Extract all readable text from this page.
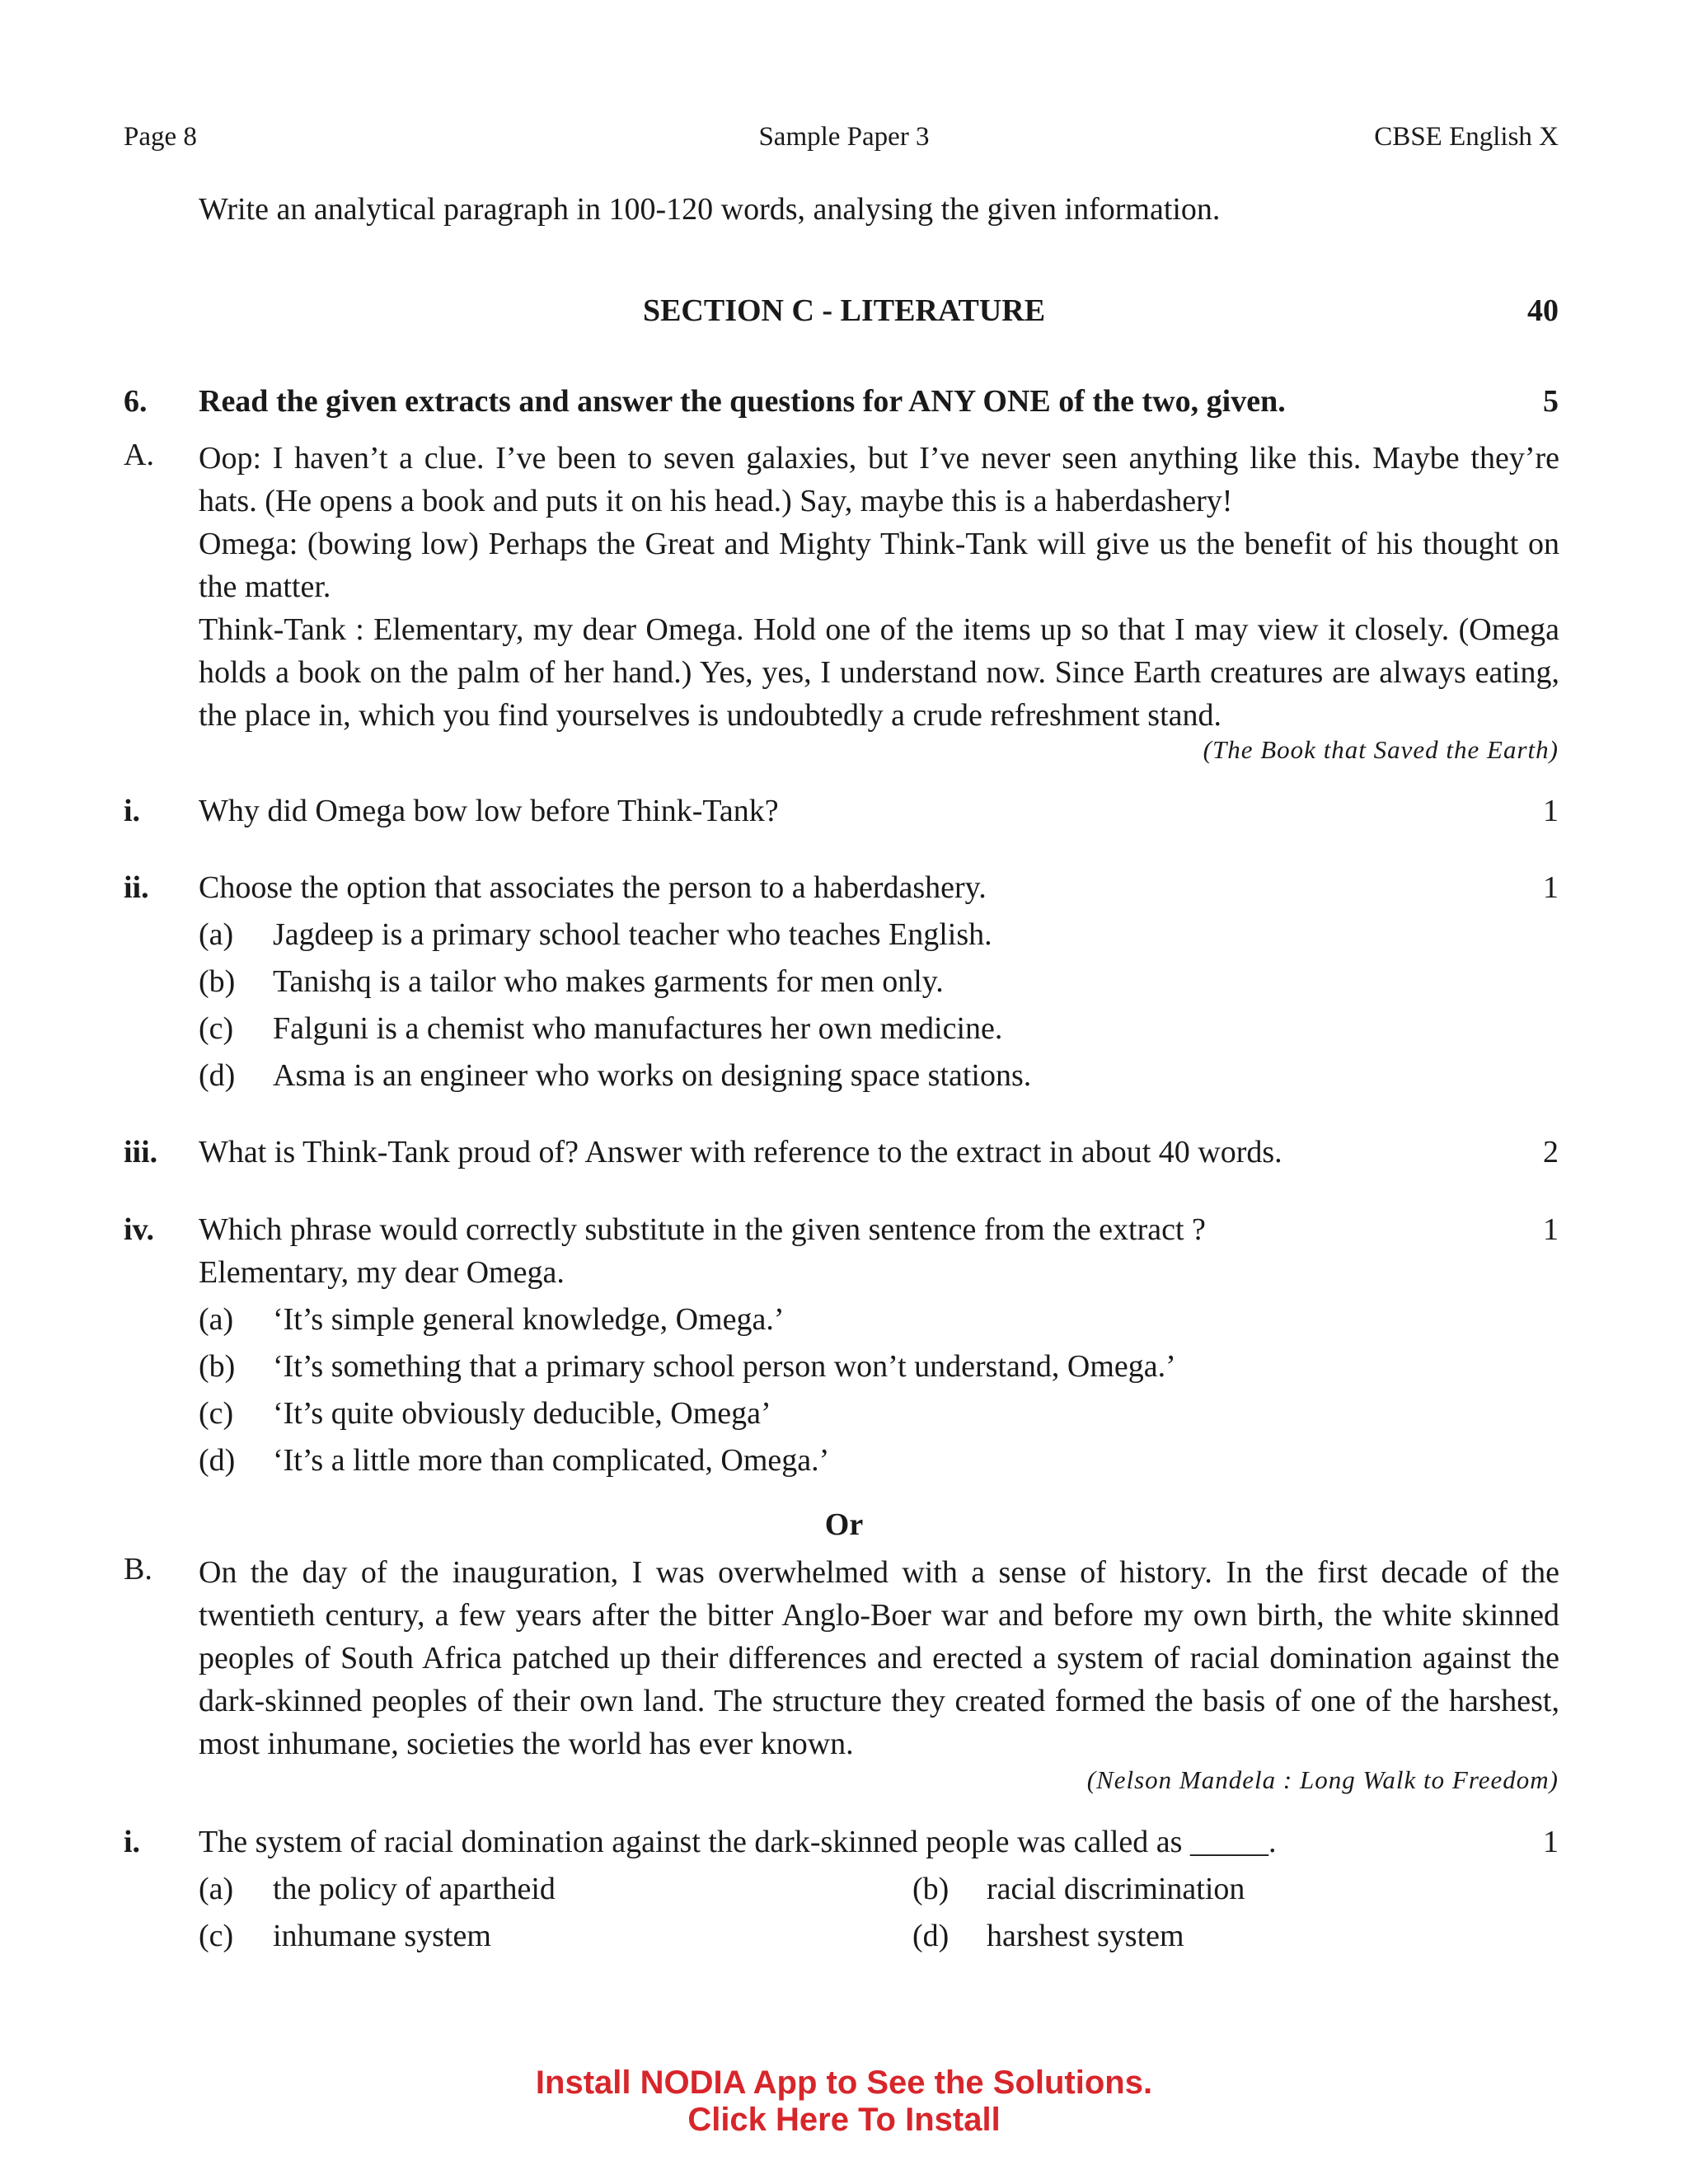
Page 8	Sample Paper 3	CBSE English X
Write an analytical paragraph in 100-120 words, analysing the given information.
SECTION C - LITERATURE	40
6. Read the given extracts and answer the questions for ANY ONE of the two, given.	5
A. Oop: I haven’t a clue. I’ve been to seven galaxies, but I’ve never seen anything like this. Maybe they’re hats. (He opens a book and puts it on his head.) Say, maybe this is a haberdashery!

Omega: (bowing low) Perhaps the Great and Mighty Think-Tank will give us the benefit of his thought on the matter.

Think-Tank : Elementary, my dear Omega. Hold one of the items up so that I may view it closely. (Omega holds a book on the palm of her hand.) Yes, yes, I understand now. Since Earth creatures are always eating, the place in, which you find yourselves is undoubtedly a crude refreshment stand.

(The Book that Saved the Earth)
i. Why did Omega bow low before Think-Tank?	1
ii. Choose the option that associates the person to a haberdashery.	1
(a) Jagdeep is a primary school teacher who teaches English.
(b) Tanishq is a tailor who makes garments for men only.
(c) Falguni is a chemist who manufactures her own medicine.
(d) Asma is an engineer who works on designing space stations.
iii. What is Think-Tank proud of? Answer with reference to the extract in about 40 words.	2
iv. Which phrase would correctly substitute in the given sentence from the extract ?	1
Elementary, my dear Omega.
(a) ‘It’s simple general knowledge, Omega.’
(b) ‘It’s something that a primary school person won’t understand, Omega.’
(c) ‘It’s quite obviously deducible, Omega’
(d) ‘It’s a little more than complicated, Omega.’
Or
B. On the day of the inauguration, I was overwhelmed with a sense of history. In the first decade of the twentieth century, a few years after the bitter Anglo-Boer war and before my own birth, the white skinned peoples of South Africa patched up their differences and erected a system of racial domination against the dark-skinned peoples of their own land. The structure they created formed the basis of one of the harshest, most inhumane, societies the world has ever known.

(Nelson Mandela : Long Walk to Freedom)
i. The system of racial domination against the dark-skinned people was called as _____.	1
(a) the policy of apartheid	(b) racial discrimination
(c) inhumane system	(d) harshest system
Install NODIA App to See the Solutions.
Click Here To Install
